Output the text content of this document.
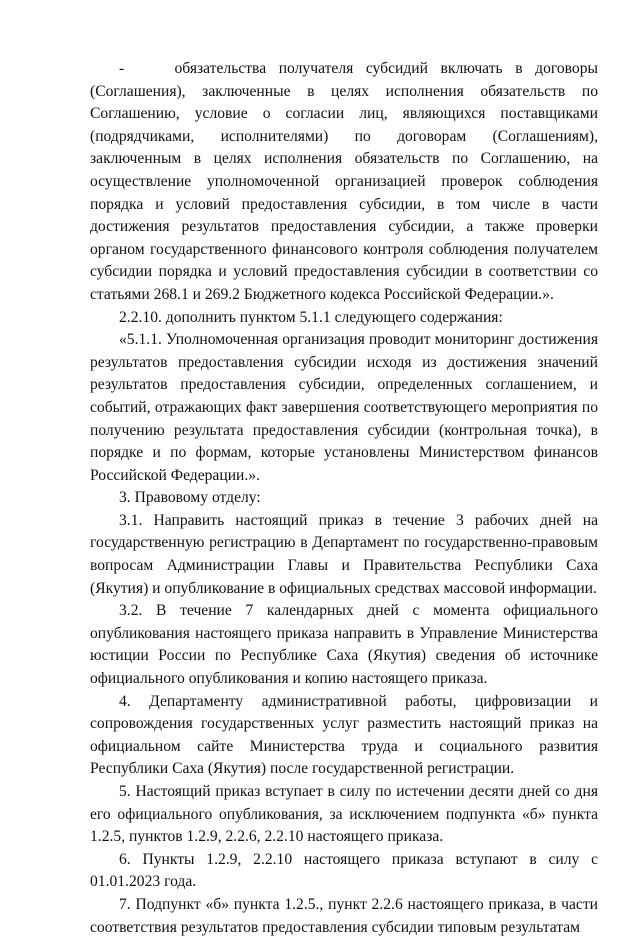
-    обязательства получателя субсидий включать в договоры (Соглашения), заключенные в целях исполнения обязательств по Соглашению, условие о согласии лиц, являющихся поставщиками (подрядчиками, исполнителями) по договорам (Соглашениям), заключенным в целях исполнения обязательств по Соглашению, на осуществление уполномоченной организацией проверок соблюдения порядка и условий предоставления субсидии, в том числе в части достижения результатов предоставления субсидии, а также проверки органом государственного финансового контроля соблюдения получателем субсидии порядка и условий предоставления субсидии в соответствии со статьями 268.1 и 269.2 Бюджетного кодекса Российской Федерации.».

2.2.10. дополнить пунктом 5.1.1 следующего содержания:

«5.1.1. Уполномоченная организация проводит мониторинг достижения результатов предоставления субсидии исходя из достижения значений результатов предоставления субсидии, определенных соглашением, и событий, отражающих факт завершения соответствующего мероприятия по получению результата предоставления субсидии (контрольная точка), в порядке и по формам, которые установлены Министерством финансов Российской Федерации.».

3. Правовому отделу:

3.1. Направить настоящий приказ в течение 3 рабочих дней на государственную регистрацию в Департамент по государственно-правовым вопросам Администрации Главы и Правительства Республики Саха (Якутия) и опубликование в официальных средствах массовой информации.

3.2. В течение 7 календарных дней с момента официального опубликования настоящего приказа направить в Управление Министерства юстиции России по Республике Саха (Якутия) сведения об источнике официального опубликования и копию настоящего приказа.

4. Департаменту административной работы, цифровизации и сопровождения государственных услуг разместить настоящий приказ на официальном сайте Министерства труда и социального развития Республики Саха (Якутия) после государственной регистрации.

5. Настоящий приказ вступает в силу по истечении десяти дней со дня его официального опубликования, за исключением подпункта «б» пункта 1.2.5, пунктов 1.2.9, 2.2.6, 2.2.10 настоящего приказа.

6. Пункты 1.2.9, 2.2.10 настоящего приказа вступают в силу с 01.01.2023 года.

7. Подпункт «б» пункта 1.2.5., пункт 2.2.6 настоящего приказа, в части соответствия результатов предоставления субсидии типовым результатам
